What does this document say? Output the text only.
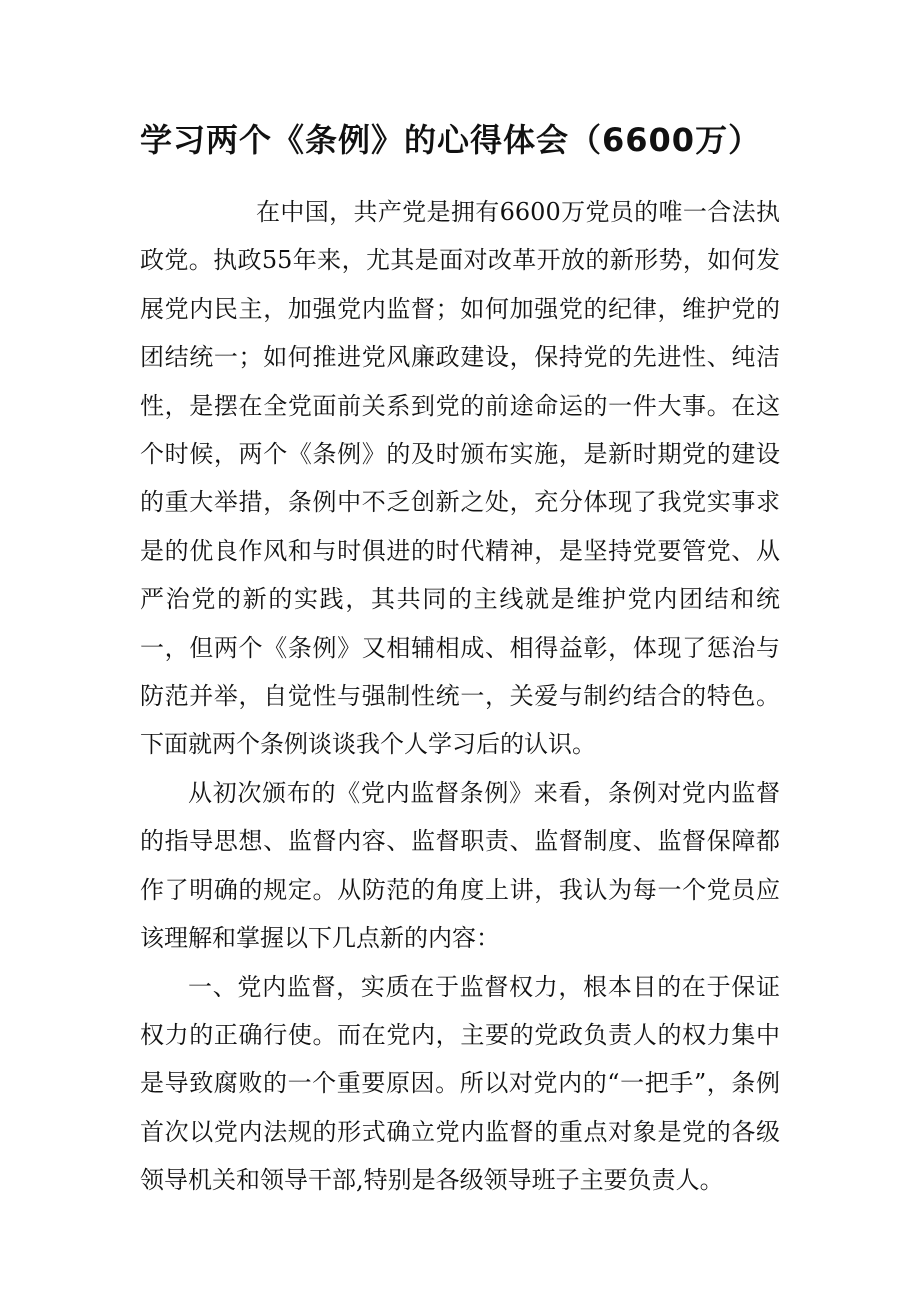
学习两个《条例》的心得体会（6600万）

在中国，共产党是拥有6600万党员的唯一合法执政党。执政55年来，尤其是面对改革开放的新形势，如何发展党内民主，加强党内监督；如何加强党的纪律，维护党的团结统一；如何推进党风廉政建设，保持党的先进性、纯洁性，是摆在全党面前关系到党的前途命运的一件大事。在这个时候，两个《条例》的及时颁布实施，是新时期党的建设的重大举措，条例中不乏创新之处，充分体现了我党实事求是的优良作风和与时俱进的时代精神，是坚持党要管党、从严治党的新的实践，其共同的主线就是维护党内团结和统一，但两个《条例》又相辅相成、相得益彰，体现了惩治与防范并举，自觉性与强制性统一，关爱与制约结合的特色。下面就两个条例谈谈我个人学习后的认识。

从初次颁布的《党内监督条例》来看，条例对党内监督的指导思想、监督内容、监督职责、监督制度、监督保障都作了明确的规定。从防范的角度上讲，我认为每一个党员应该理解和掌握以下几点新的内容：

一、党内监督，实质在于监督权力，根本目的在于保证权力的正确行使。而在党内，主要的党政负责人的权力集中是导致腐败的一个重要原因。所以对党内的“一把手”，条例首次以党内法规的形式确立党内监督的重点对象是党的各级领导机关和领导干部,特别是各级领导班子主要负责人。
